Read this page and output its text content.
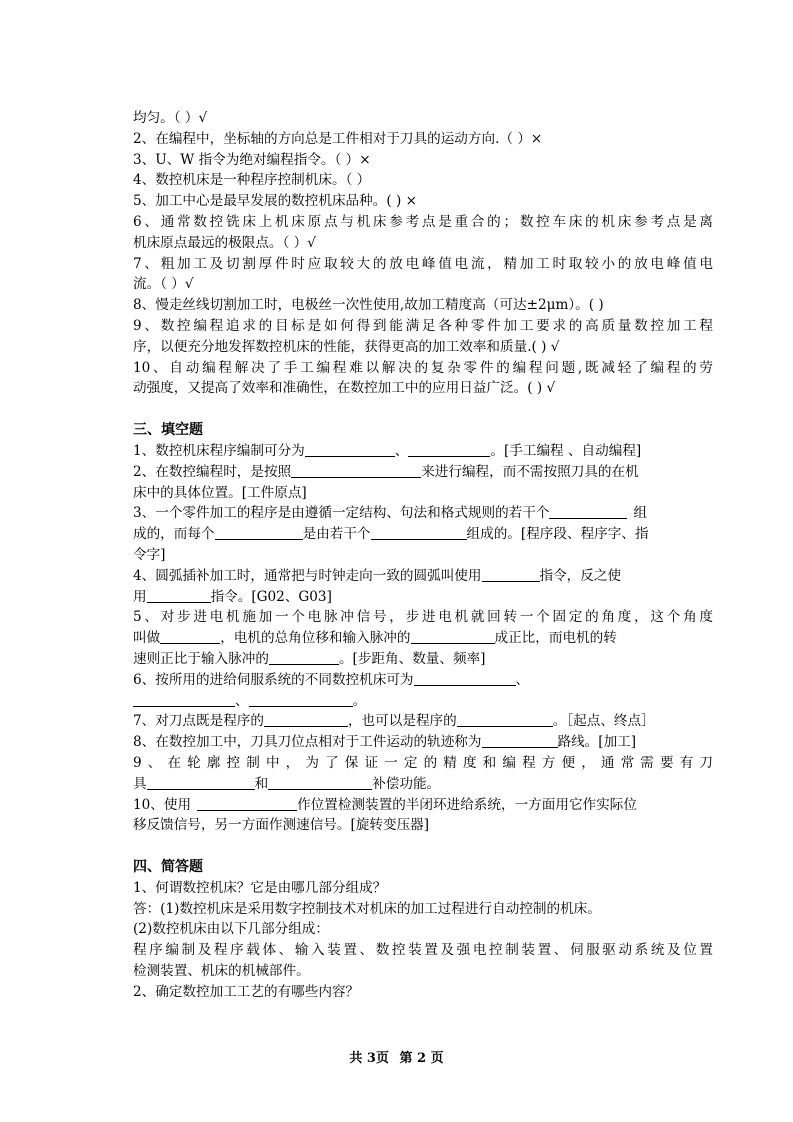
均匀。（ ）√
2、在编程中，坐标轴的方向总是工件相对于刀具的运动方向.（ ）×
3、U、W 指令为绝对编程指令。（ ）×
4、数控机床是一种程序控制机床。（ ）
5、加工中心是最早发展的数控机床品种。( ) ×
6、通常数控铣床上机床原点与机床参考点是重合的；数控车床的机床参考点是离
机床原点最远的极限点。（ ）√
7、粗加工及切割厚件时应取较大的放电峰值电流，精加工时取较小的放电峰值电
流。（ ）√
8、慢走丝线切割加工时，电极丝一次性使用,故加工精度高（可达±2μm）。( )
9、数控编程追求的目标是如何得到能满足各种零件加工要求的高质量数控加工程
序，以便充分地发挥数控机床的性能，获得更高的加工效率和质量.( ) √
10、自动编程解决了手工编程难以解决的复杂零件的编程问题,既减轻了编程的劳
动强度，又提高了效率和准确性，在数控加工中的应用日益广泛。( ) √
三、填空题
1、数控机床程序编制可分为	、	。[手工编程 、自动编程]
2、在数控编程时，是按照	来进行编程，而不需按照刀具的在机
床中的具体位置。[工件原点]
3、一个零件加工的程序是由遵循一定结构、句法和格式规则的若干个	组
成的，而每个	是由若干个	组成的。[程序段、程序字、指
令字]
4、圆弧插补加工时，通常把与时钟走向一致的圆弧叫使用	指令，反之使
用	指令。[G02、G03]
5、对步进电机施加一个电脉冲信号，步进电机就回转一个固定的角度，这个角度
叫做	，电机的总角位移和输入脉冲的	成正比，而电机的转
速则正比于输入脉冲的	。[步距角、数量、频率]
6、按所用的进给伺服系统的不同数控机床可为	、
、	。
7、对刀点既是程序的	，也可以是程序的	。［起点、终点］
8、在数控加工中，刀具刀位点相对于工件运动的轨迹称为	路线。[加工]
9、在轮廓控制中，为了保证一定的精度和编程方便，通常需要有刀
具	和	补偿功能。
10、使用	作位置检测装置的半闭环进给系统，一方面用它作实际位
移反馈信号，另一方面作测速信号。[旋转变压器]
四、简答题
1、何谓数控机床？它是由哪几部分组成？
答：(1)数控机床是采用数字控制技术对机床的加工过程进行自动控制的机床。
(2)数控机床由以下几部分组成：
程序编制及程序载体、输入装置、数控装置及强电控制装置、伺服驱动系统及位置
检测装置、机床的机械部件。
2、确定数控加工工艺的有哪些内容？
共 3页 第 2 页
